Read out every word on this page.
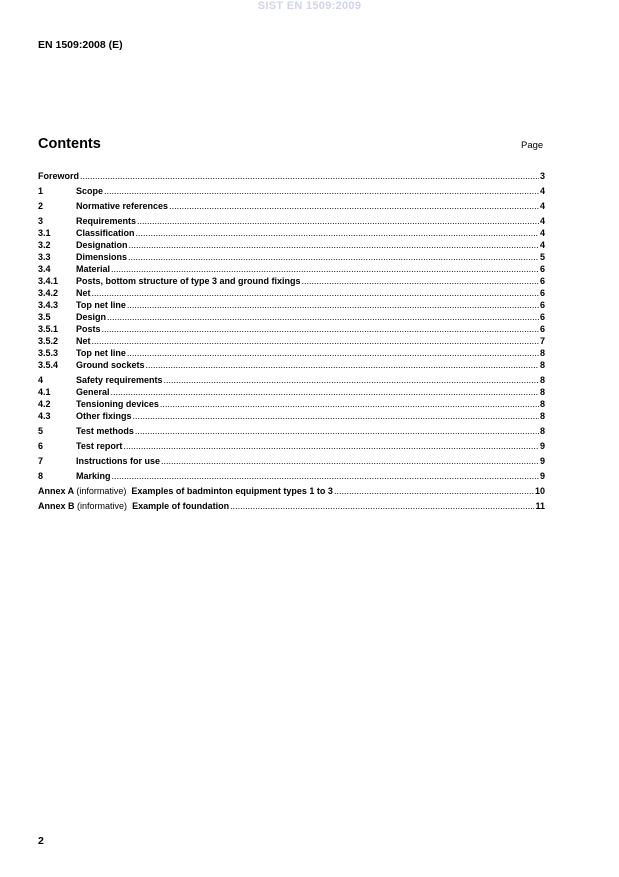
SIST EN 1509:2009
EN 1509:2008 (E)
Contents	Page
Foreword .....	3
1	Scope .....	4
2	Normative references .....	4
3	Requirements .....	4
3.1	Classification .....	4
3.2	Designation .....	4
3.3	Dimensions .....	5
3.4	Material .....	6
3.4.1	Posts, bottom structure of type 3 and ground fixings .....	6
3.4.2	Net .....	6
3.4.3	Top net line .....	6
3.5	Design .....	6
3.5.1	Posts .....	6
3.5.2	Net .....	7
3.5.3	Top net line .....	8
3.5.4	Ground sockets .....	8
4	Safety requirements .....	8
4.1	General .....	8
4.2	Tensioning devices .....	8
4.3	Other fixings .....	8
5	Test methods .....	8
6	Test report .....	9
7	Instructions for use .....	9
8	Marking .....	9
Annex A (informative) Examples of badminton equipment types 1 to 3 .....	10
Annex B (informative) Example of foundation .....	11
2
